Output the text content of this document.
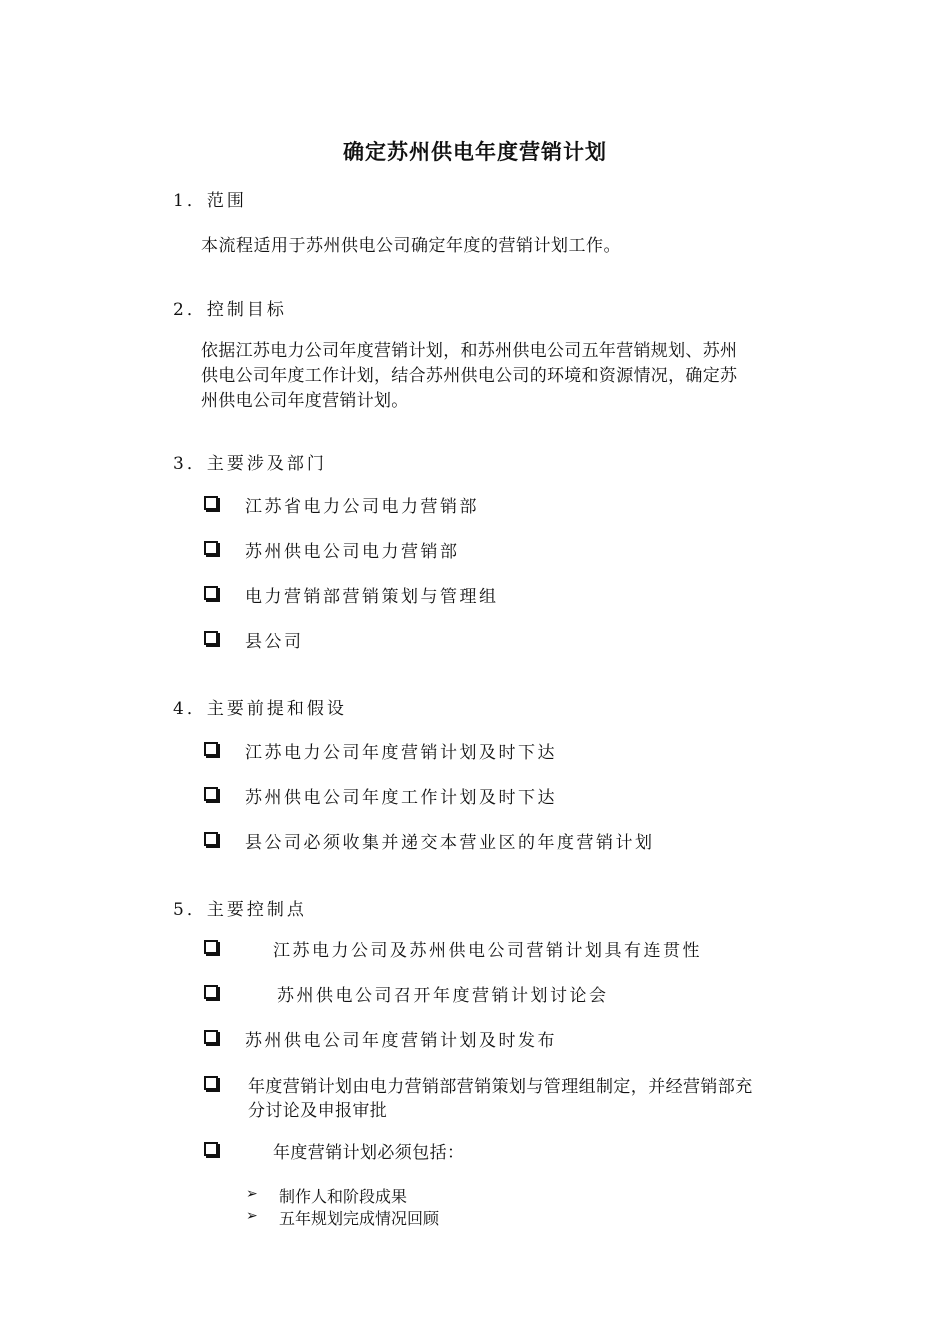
确定苏州供电年度营销计划
1．范围
本流程适用于苏州供电公司确定年度的营销计划工作。
2．控制目标
依据江苏电力公司年度营销计划，和苏州供电公司五年营销规划、苏州
供电公司年度工作计划，结合苏州供电公司的环境和资源情况，确定苏
州供电公司年度营销计划。
3．主要涉及部门
江苏省电力公司电力营销部
苏州供电公司电力营销部
电力营销部营销策划与管理组
县公司
4．主要前提和假设
江苏电力公司年度营销计划及时下达
苏州供电公司年度工作计划及时下达
县公司必须收集并递交本营业区的年度营销计划
5．主要控制点
江苏电力公司及苏州供电公司营销计划具有连贯性
苏州供电公司召开年度营销计划讨论会
苏州供电公司年度营销计划及时发布
年度营销计划由电力营销部营销策划与管理组制定，并经营销部充
分讨论及申报审批
年度营销计划必须包括：
➢ 制作人和阶段成果
➢ 五年规划完成情况回顾
